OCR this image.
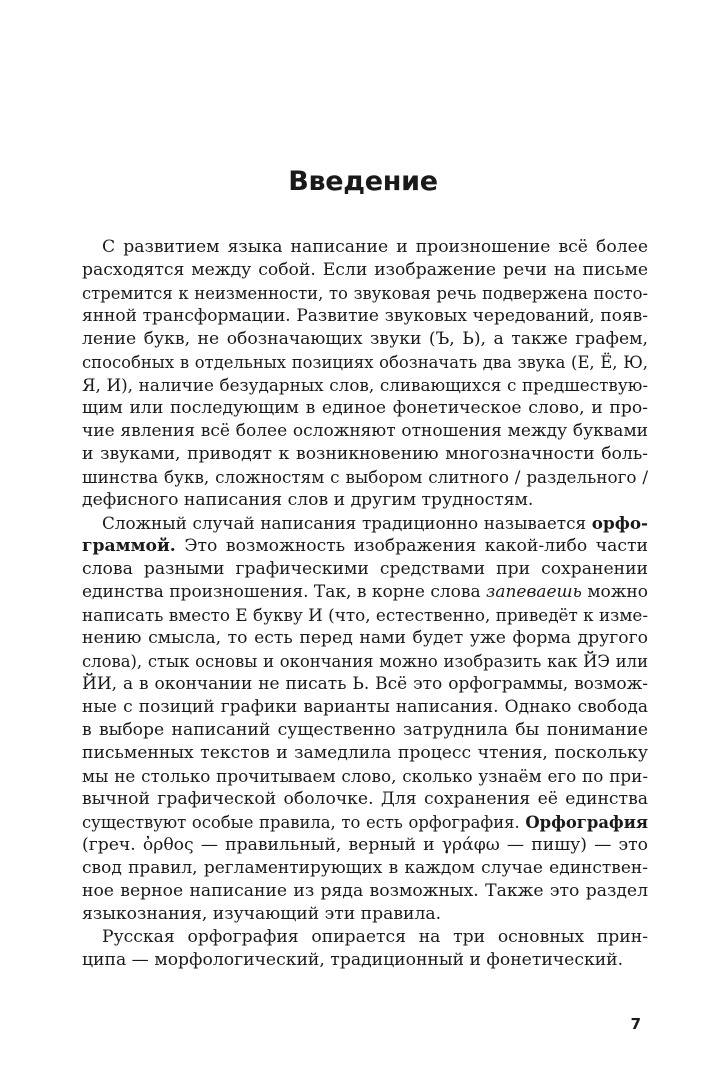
Введение
С развитием языка написание и произношение всё более
расходятся между собой. Если изображение речи на письме
стремится к неизменности, то звуковая речь подвержена посто-
янной трансформации. Развитие звуковых чередований, появ-
ление букв, не обозначающих звуки (Ъ, Ь), а также графем,
способных в отдельных позициях обозначать два звука (Е, Ё, Ю,
Я, И), наличие безударных слов, сливающихся с предшествую-
щим или последующим в единое фонетическое слово, и про-
чие явления всё более осложняют отношения между буквами
и звуками, приводят к возникновению многозначности боль-
шинства букв, сложностям с выбором слитного / раздельного /
дефисного написания слов и другим трудностям.
Сложный случай написания традиционно называется орфо-
граммой. Это возможность изображения какой-либо части
слова разными графическими средствами при сохранении
единства произношения. Так, в корне слова запеваешь можно
написать вместо Е букву И (что, естественно, приведёт к изме-
нению смысла, то есть перед нами будет уже форма другого
слова), стык основы и окончания можно изобразить как ЙЭ или
ЙИ, а в окончании не писать Ь. Всё это орфограммы, возмож-
ные с позиций графики варианты написания. Однако свобода
в выборе написаний существенно затруднила бы понимание
письменных текстов и замедлила процесс чтения, поскольку
мы не столько прочитываем слово, сколько узнаём его по при-
вычной графической оболочке. Для сохранения её единства
существуют особые правила, то есть орфография. Орфография
(греч. ὀρθος — правильный, верный и γράφω — пишу) — это
свод правил, регламентирующих в каждом случае единствен-
ное верное написание из ряда возможных. Также это раздел
языкознания, изучающий эти правила.
Русская орфография опирается на три основных прин-
ципа — морфологический, традиционный и фонетический.
7
